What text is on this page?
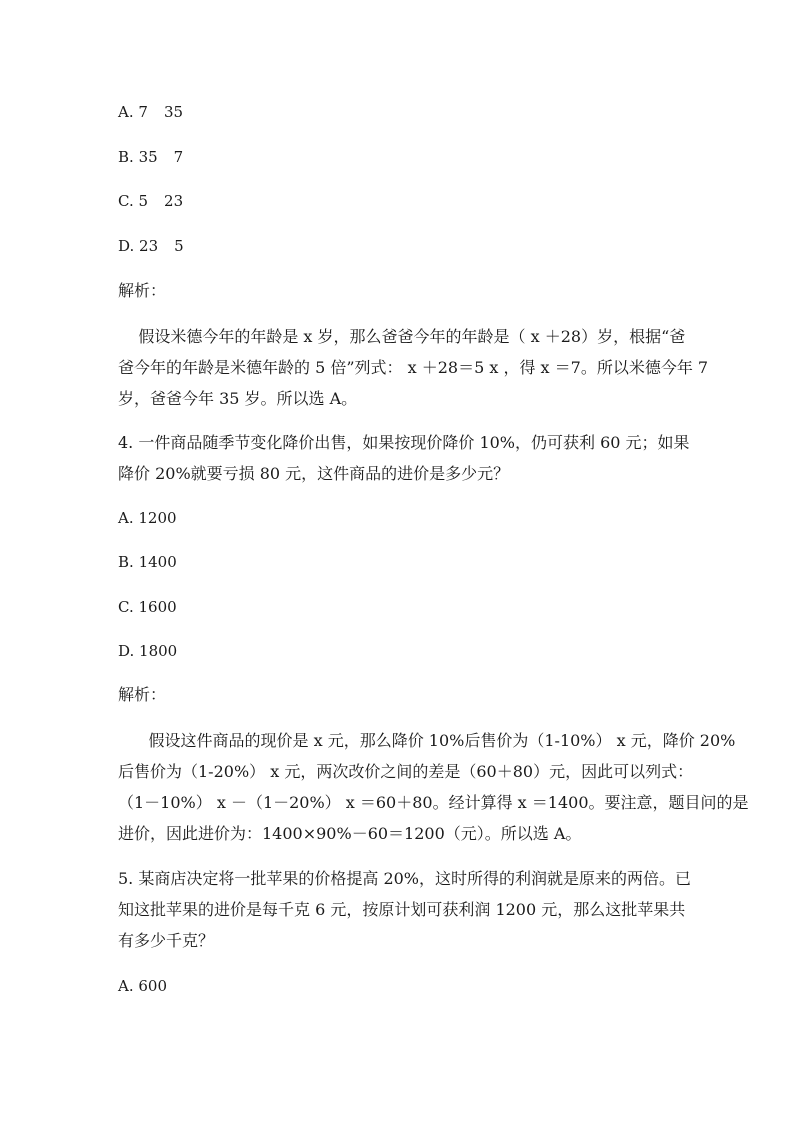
A. 7 35
B. 35 7
C. 5 23
D. 23 5
解析：
假设米德今年的年龄是 x 岁，那么爸爸今年的年龄是（ x ＋28）岁，根据“爸
爸今年的年龄是米德年龄的 5 倍”列式： x ＋28＝5 x ，得 x ＝7。所以米德今年 7
岁，爸爸今年 35 岁。所以选 A。
4. 一件商品随季节变化降价出售，如果按现价降价 10%，仍可获利 60 元；如果
降价 20%就要亏损 80 元，这件商品的进价是多少元？
A. 1200
B. 1400
C. 1600
D. 1800
解析：
假设这件商品的现价是 x 元，那么降价 10%后售价为（1-10%） x 元，降价 20%
后售价为（1-20%） x 元，两次改价之间的差是（60＋80）元，因此可以列式：
（1－10%） x －（1－20%） x ＝60＋80。经计算得 x ＝1400。要注意，题目问的是
进价，因此进价为：1400×90%－60＝1200（元）。所以选 A。
5. 某商店决定将一批苹果的价格提高 20%，这时所得的利润就是原来的两倍。已
知这批苹果的进价是每千克 6 元，按原计划可获利润 1200 元，那么这批苹果共
有多少千克？
A. 600
